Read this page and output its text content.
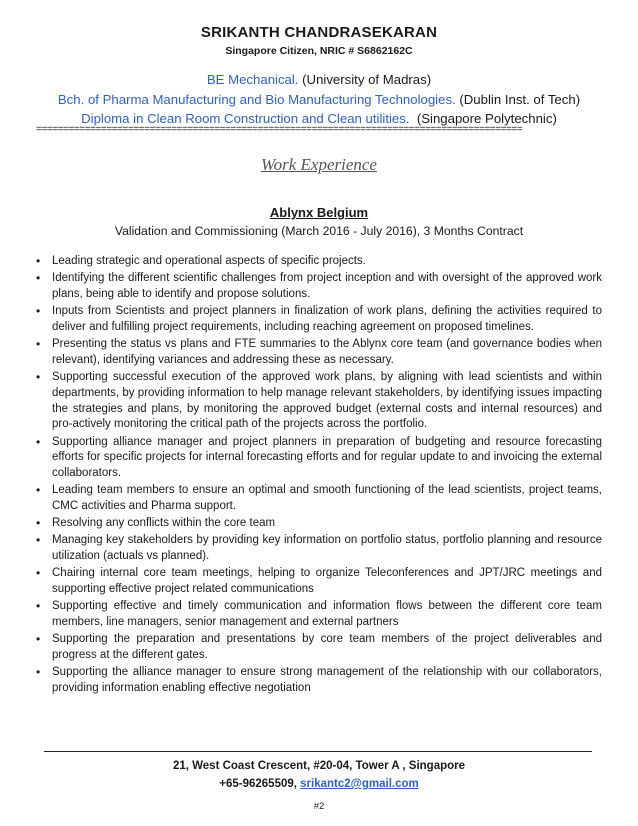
SRIKANTH CHANDRASEKARAN
Singapore Citizen, NRIC # S6862162C
BE Mechanical. (University of Madras)
Bch. of Pharma Manufacturing and Bio Manufacturing Technologies. (Dublin Inst. of Tech)
Diploma in Clean Room Construction and Clean utilities. (Singapore Polytechnic)
==========================================================================================
Work Experience
Ablynx Belgium
Validation and Commissioning (March 2016 - July 2016), 3 Months Contract
• Leading strategic and operational aspects of specific projects.
• Identifying the different scientific challenges from project inception and with oversight of the approved work plans, being able to identify and propose solutions.
• Inputs from Scientists and project planners in finalization of work plans, defining the activities required to deliver and fulfilling project requirements, including reaching agreement on proposed timelines.
• Presenting the status vs plans and FTE summaries to the Ablynx core team (and governance bodies when relevant), identifying variances and addressing these as necessary.
• Supporting successful execution of the approved work plans, by aligning with lead scientists and within departments, by providing information to help manage relevant stakeholders, by identifying issues impacting the strategies and plans, by monitoring the approved budget (external costs and internal resources) and pro-actively monitoring the critical path of the projects across the portfolio.
• Supporting alliance manager and project planners in preparation of budgeting and resource forecasting efforts for specific projects for internal forecasting efforts and for regular update to and invoicing the external collaborators.
• Leading team members to ensure an optimal and smooth functioning of the lead scientists, project teams, CMC activities and Pharma support.
• Resolving any conflicts within the core team
• Managing key stakeholders by providing key information on portfolio status, portfolio planning and resource utilization (actuals vs planned).
• Chairing internal core team meetings, helping to organize Teleconferences and JPT/JRC meetings and supporting effective project related communications
• Supporting effective and timely communication and information flows between the different core team members, line managers, senior management and external partners
• Supporting the preparation and presentations by core team members of the project deliverables and progress at the different gates.
• Supporting the alliance manager to ensure strong management of the relationship with our collaborators, providing information enabling effective negotiation
21, West Coast Crescent, #20-04, Tower A , Singapore
+65-96265509, srikantc2@gmail.com
#2
